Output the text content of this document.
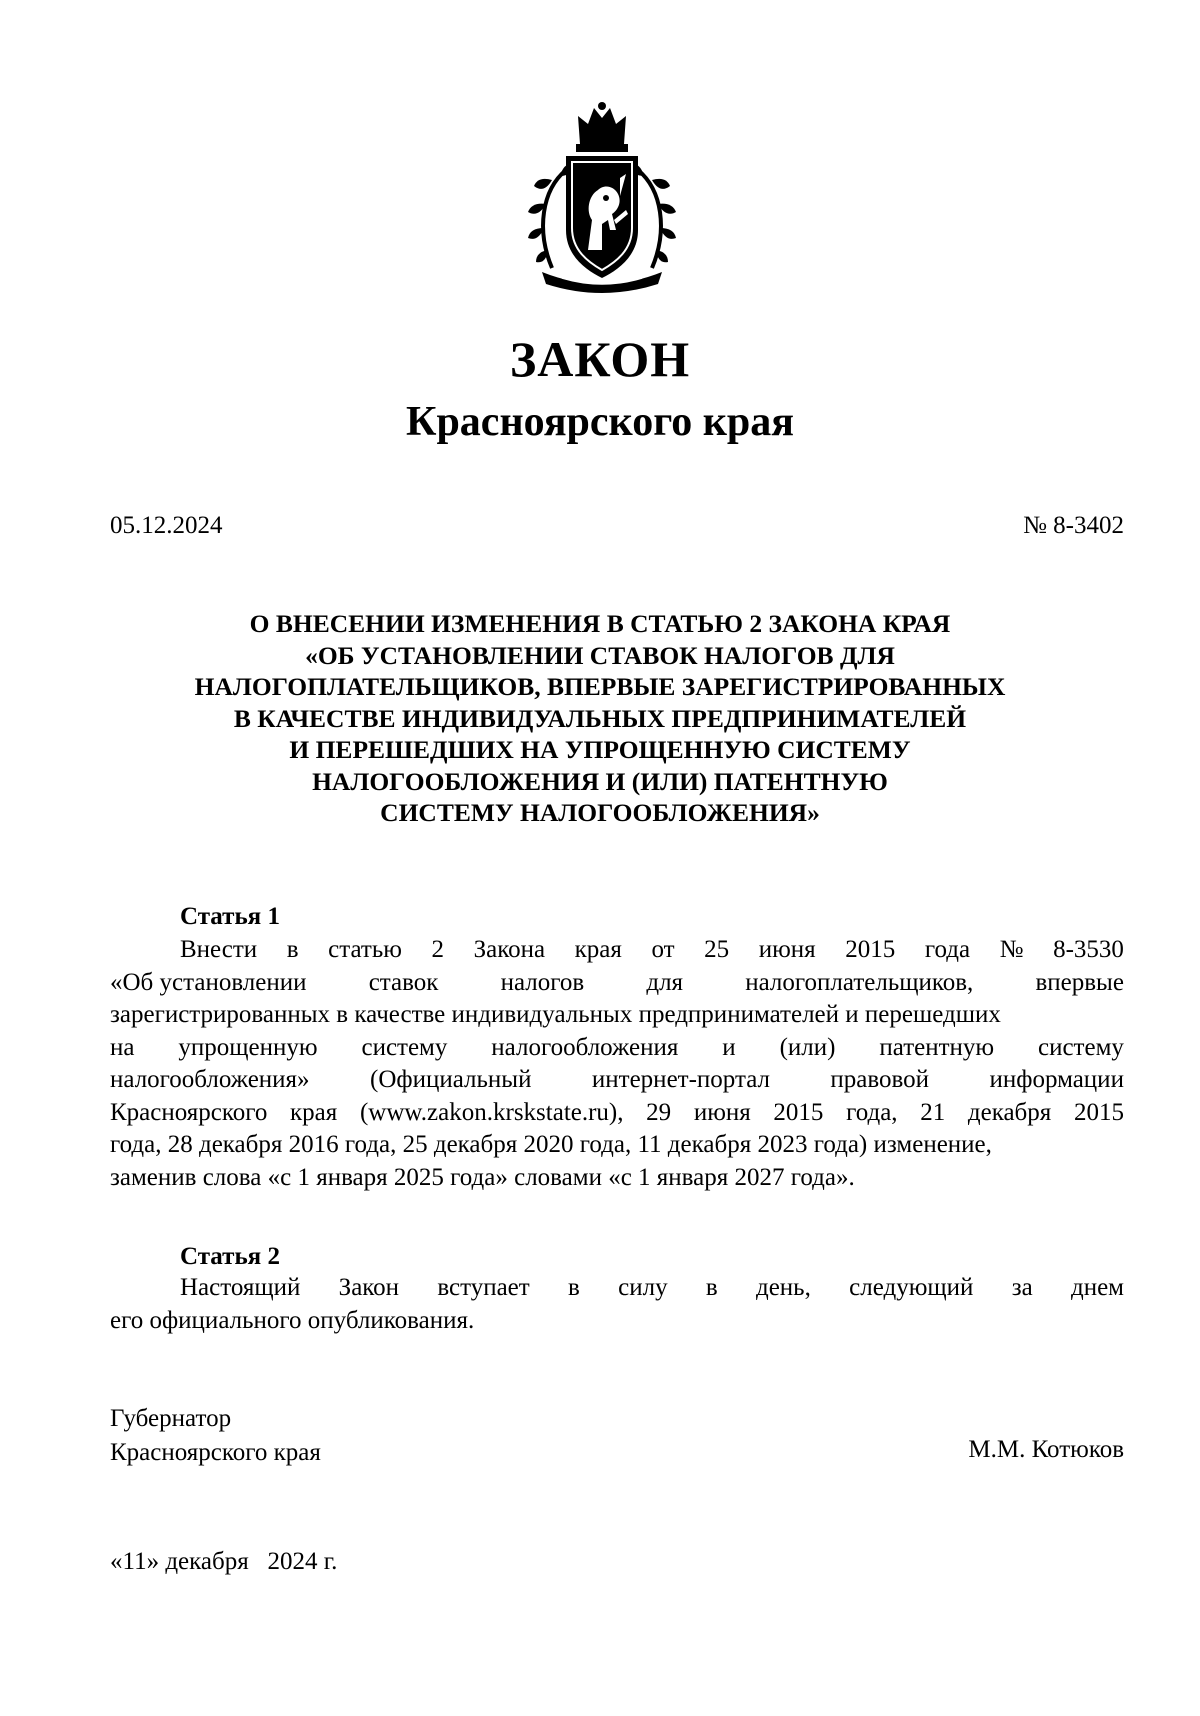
ЗАКОН
Красноярского края
05.12.2024	№ 8-3402
О ВНЕСЕНИИ ИЗМЕНЕНИЯ В СТАТЬЮ 2 ЗАКОНА КРАЯ
«ОБ УСТАНОВЛЕНИИ СТАВОК НАЛОГОВ ДЛЯ
НАЛОГОПЛАТЕЛЬЩИКОВ, ВПЕРВЫЕ ЗАРЕГИСТРИРОВАННЫХ
В КАЧЕСТВЕ ИНДИВИДУАЛЬНЫХ ПРЕДПРИНИМАТЕЛЕЙ
И ПЕРЕШЕДШИХ НА УПРОЩЕННУЮ СИСТЕМУ
НАЛОГООБЛОЖЕНИЯ И (ИЛИ) ПАТЕНТНУЮ
СИСТЕМУ НАЛОГООБЛОЖЕНИЯ»
Статья 1
Внести в статью 2 Закона края от 25 июня 2015 года № 8-3530
«Об установлении ставок налогов для налогоплательщиков, впервые
зарегистрированных в качестве индивидуальных предпринимателей и перешедших
на упрощенную систему налогообложения и (или) патентную систему
налогообложения» (Официальный интернет-портал правовой информации
Красноярского края (www.zakon.krskstate.ru), 29 июня 2015 года, 21 декабря 2015
года, 28 декабря 2016 года, 25 декабря 2020 года, 11 декабря 2023 года) изменение,
заменив слова «с 1 января 2025 года» словами «с 1 января 2027 года».
Статья 2
Настоящий Закон вступает в силу в день, следующий за днем
его официального опубликования.
Губернатор
Красноярского края	М.М. Котюков
«11» декабря   2024 г.
